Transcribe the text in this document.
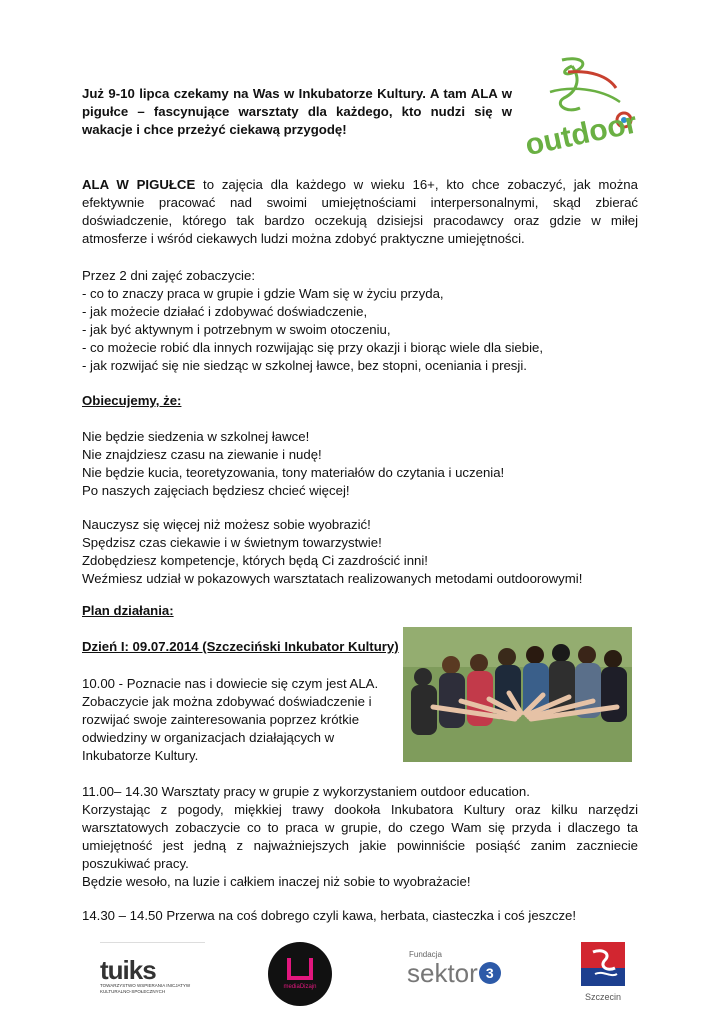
Już 9-10 lipca czekamy na Was w Inkubatorze Kultury. A tam ALA w pigułce – fascynujące warsztaty dla każdego, kto nudzi się w wakacje i chce przeżyć ciekawą przygodę!	outdoor
ALA W PIGUŁCE to zajęcia dla każdego w wieku 16+, kto chce zobaczyć, jak można efektywnie pracować nad swoimi umiejętnościami interpersonalnymi, skąd zbierać doświadczenie, którego tak bardzo oczekują dzisiejsi pracodawcy oraz gdzie w miłej atmosferze i wśród ciekawych ludzi można zdobyć praktyczne umiejętności.
Przez 2 dni zajęć zobaczycie:
- co to znaczy praca w grupie i gdzie Wam się w życiu przyda,
- jak możecie działać i zdobywać doświadczenie,
- jak być aktywnym i potrzebnym w swoim otoczeniu,
- co możecie robić dla innych rozwijając się przy okazji i biorąc wiele dla siebie,
- jak rozwijać się nie siedząc w szkolnej ławce, bez stopni, oceniania i presji.
Obiecujemy, że:
Nie będzie siedzenia w szkolnej ławce!
Nie znajdziesz czasu na ziewanie i nudę!
Nie będzie kucia, teoretyzowania, tony materiałów do czytania i uczenia!
Po naszych zajęciach będziesz chcieć więcej!
Nauczysz się więcej niż możesz sobie wyobrazić!
Spędzisz czas ciekawie i w świetnym towarzystwie!
Zdobędziesz kompetencje, których będą Ci zazdrościć inni!
Weźmiesz udział w pokazowych warsztatach realizowanych metodami outdoorowymi!
Plan działania:
Dzień I: 09.07.2014 (Szczeciński Inkubator Kultury)
10.00 - Poznacie nas i dowiecie się czym jest ALA.
Zobaczycie jak można zdobywać doświadczenie i
rozwijać swoje zainteresowania poprzez krótkie
odwiedziny w organizacjach działających w
Inkubatorze Kultury.
11.00– 14.30 Warsztaty pracy w grupie z wykorzystaniem outdoor education.
Korzystając z pogody, miękkiej trawy dookoła Inkubatora Kultury oraz kilku narzędzi warsztatowych zobaczycie co to praca w grupie, do czego Wam się przyda i dlaczego ta umiejętność jest jedną z najważniejszych jakie powinniście posiąść zanim zaczniecie poszukiwać pracy.
Będzie wesoło, na luzie i całkiem inaczej niż sobie to wyobrażacie!
14.30 – 14.50 Przerwa na coś dobrego czyli kawa, herbata, ciasteczka i coś jeszcze!
tuiks
TOWARZYSTWO WSPIERANIA INICJATYW
KULTURALNO-SPOŁECZNYCH
mediaDizajn
Fundacja
sektor 3
Szczecin
